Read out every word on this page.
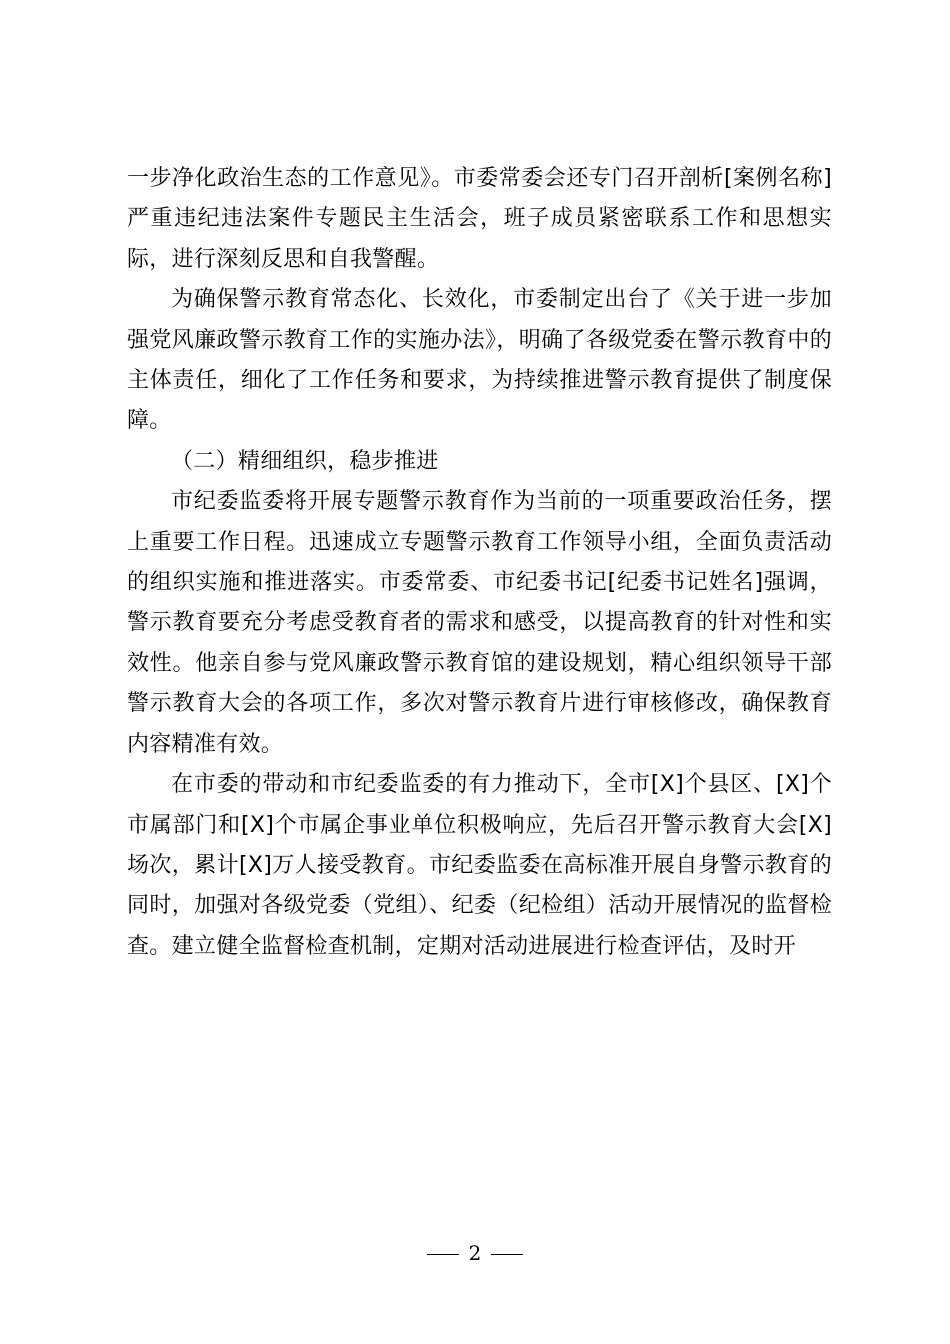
一步净化政治生态的工作意见》。市委常委会还专门召开剖析[案例名称]严重违纪违法案件专题民主生活会，班子成员紧密联系工作和思想实际，进行深刻反思和自我警醒。

为确保警示教育常态化、长效化，市委制定出台了《关于进一步加强党风廉政警示教育工作的实施办法》，明确了各级党委在警示教育中的主体责任，细化了工作任务和要求，为持续推进警示教育提供了制度保障。

（二）精细组织，稳步推进

市纪委监委将开展专题警示教育作为当前的一项重要政治任务，摆上重要工作日程。迅速成立专题警示教育工作领导小组，全面负责活动的组织实施和推进落实。市委常委、市纪委书记[纪委书记姓名]强调，警示教育要充分考虑受教育者的需求和感受，以提高教育的针对性和实效性。他亲自参与党风廉政警示教育馆的建设规划，精心组织领导干部警示教育大会的各项工作，多次对警示教育片进行审核修改，确保教育内容精准有效。

在市委的带动和市纪委监委的有力推动下，全市[X]个县区、[X]个市属部门和[X]个市属企事业单位积极响应，先后召开警示教育大会[X]场次，累计[X]万人接受教育。市纪委监委在高标准开展自身警示教育的同时，加强对各级党委（党组）、纪委（纪检组）活动开展情况的监督检查。建立健全监督检查机制，定期对活动进展进行检查评估，及时开

2
